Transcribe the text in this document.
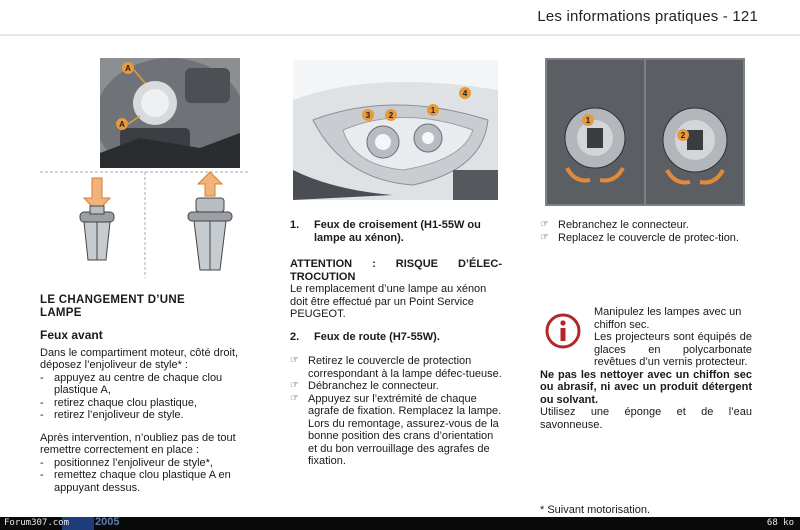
Les informations pratiques - 121
A
A
3 2
1
4
1
2
LE CHANGEMENT D’UNE
LAMPE
Feux avant

Dans le compartiment moteur, côté droit, déposez l’enjoliveur de style* :

- appuyez au centre de chaque clou plastique A,
- retirez chaque clou plastique,
- retirez l’enjoliveur de style.

Après intervention, n’oubliez pas de tout remettre correctement en place :

- positionnez l’enjoliveur de style*,
- remettez chaque clou plastique A en appuyant dessus.
1.	Feux de croisement (H1-55W ou lampe au xénon).
ATTENTION : RISQUE D’ÉLEC-TROCUTION

Le remplacement d’une lampe au xénon doit être effectué par un Point Service PEUGEOT.

2.	Feux de route (H7-55W).
☞ Retirez le couvercle de protection correspondant à la lampe défec-tueuse.
☞ Débranchez le connecteur.
☞ Appuyez sur l’extrémité de chaque agrafe de fixation. Remplacez la lampe.

Lors du remontage, assurez-vous de la bonne position des crans d’orientation et du bon verrouillage des agrafes de fixation.

☞ Rebranchez le connecteur.
☞ Replacez le couvercle de protec-tion.

Manipulez les lampes avec un chiffon sec.

Les projecteurs sont équipés de glaces en polycarbonate revêtues d’un vernis protecteur.

Ne pas les nettoyer avec un chiffon sec ou abrasif, ni avec un produit détergent ou solvant.

Utilisez une éponge et de l’eau savonneuse.

* Suivant motorisation.
Forum307.com 2005	68 ko
